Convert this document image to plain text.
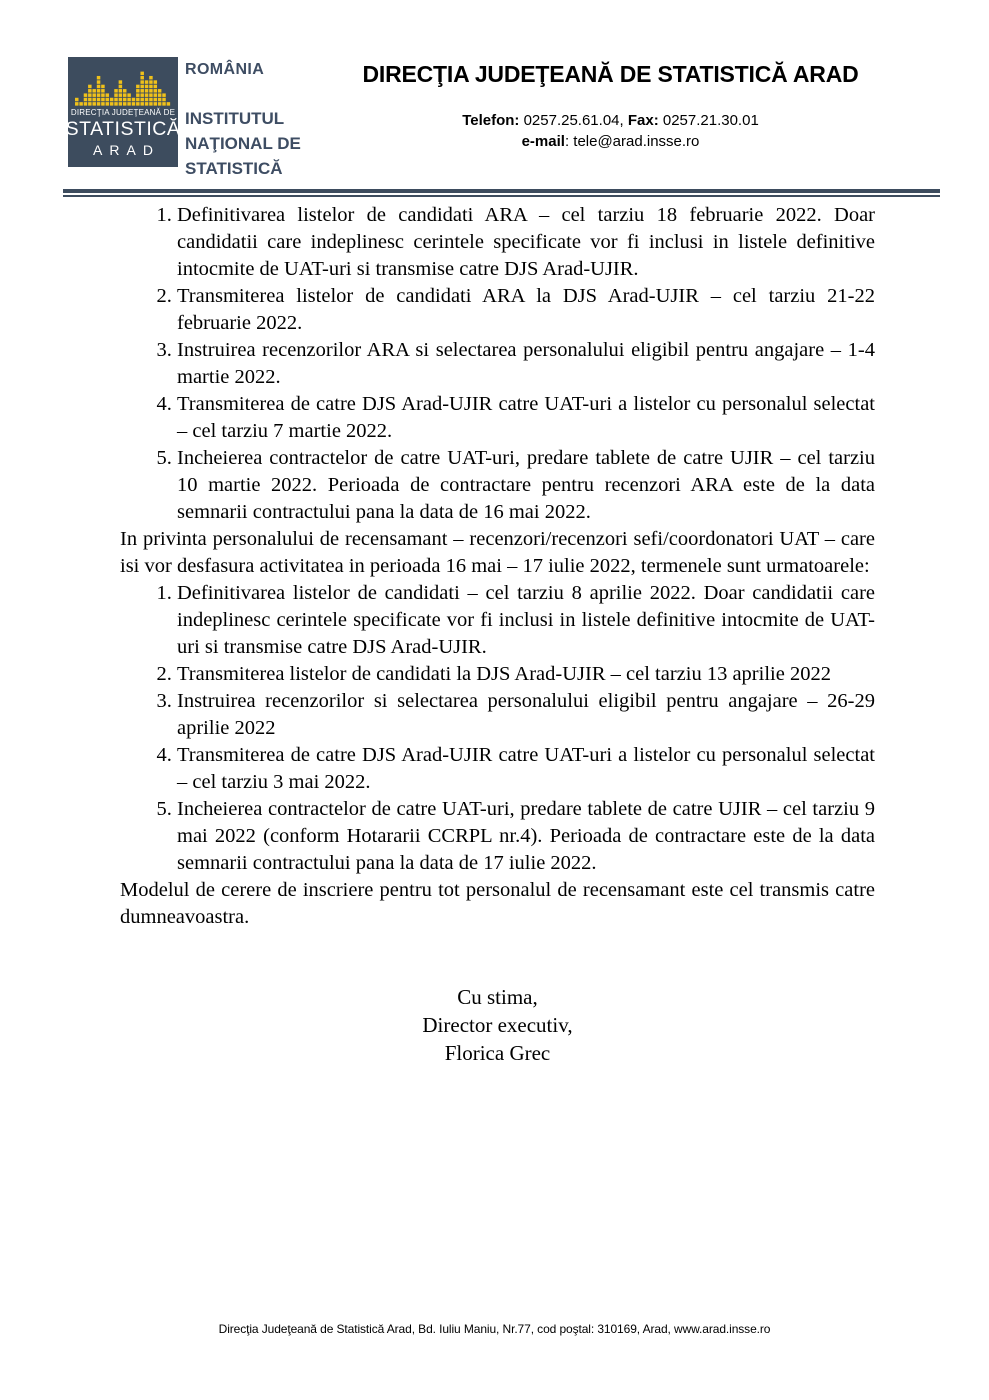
DIRECŢIA JUDEŢEANĂ DE
STATISTICĂ
ARAD
ROMÂNIA
INSTITUTUL
NAŢIONAL DE
STATISTICĂ
DIRECŢIA JUDEŢEANĂ DE STATISTICĂ ARAD

Telefon: 0257.25.61.04, Fax: 0257.21.30.01

e-mail: tele@arad.insse.ro

1. Definitivarea listelor de candidati ARA – cel tarziu 18 februarie 2022. Doar candidatii care indeplinesc cerintele specificate vor fi inclusi in listele definitive intocmite de UAT-uri si transmise catre DJS Arad-UJIR.
2. Transmiterea listelor de candidati ARA la DJS Arad-UJIR – cel tarziu 21-22 februarie 2022.
3. Instruirea recenzorilor ARA si selectarea personalului eligibil pentru angajare – 1-4 martie 2022.
4. Transmiterea de catre DJS Arad-UJIR catre UAT-uri a listelor cu personalul selectat – cel tarziu 7 martie 2022.
5. Incheierea contractelor de catre UAT-uri, predare tablete de catre UJIR – cel tarziu 10 martie 2022. Perioada de contractare pentru recenzori ARA este de la data semnarii contractului pana la data de 16 mai 2022.

In privinta personalului de recensamant – recenzori/recenzori sefi/coordonatori UAT – care isi vor desfasura activitatea in perioada 16 mai – 17 iulie 2022, termenele sunt urmatoarele:

1. Definitivarea listelor de candidati – cel tarziu 8 aprilie 2022. Doar candidatii care indeplinesc cerintele specificate vor fi inclusi in listele definitive intocmite de UAT-uri si transmise catre DJS Arad-UJIR.
2. Transmiterea listelor de candidati la DJS Arad-UJIR – cel tarziu 13 aprilie 2022
3. Instruirea recenzorilor si selectarea personalului eligibil pentru angajare – 26-29 aprilie 2022
4. Transmiterea de catre DJS Arad-UJIR catre UAT-uri a listelor cu personalul selectat – cel tarziu 3 mai 2022.
5. Incheierea contractelor de catre UAT-uri, predare tablete de catre UJIR – cel tarziu 9 mai 2022 (conform Hotararii CCRPL nr.4). Perioada de contractare este de la data semnarii contractului pana la data de 17 iulie 2022.

Modelul de cerere de inscriere pentru tot personalul de recensamant este cel transmis catre dumneavoastra.

Cu stima,

Director executiv,

Florica Grec

Direcţia Judeţeană de Statistică Arad, Bd. Iuliu Maniu, Nr.77, cod poştal: 310169, Arad, www.arad.insse.ro
